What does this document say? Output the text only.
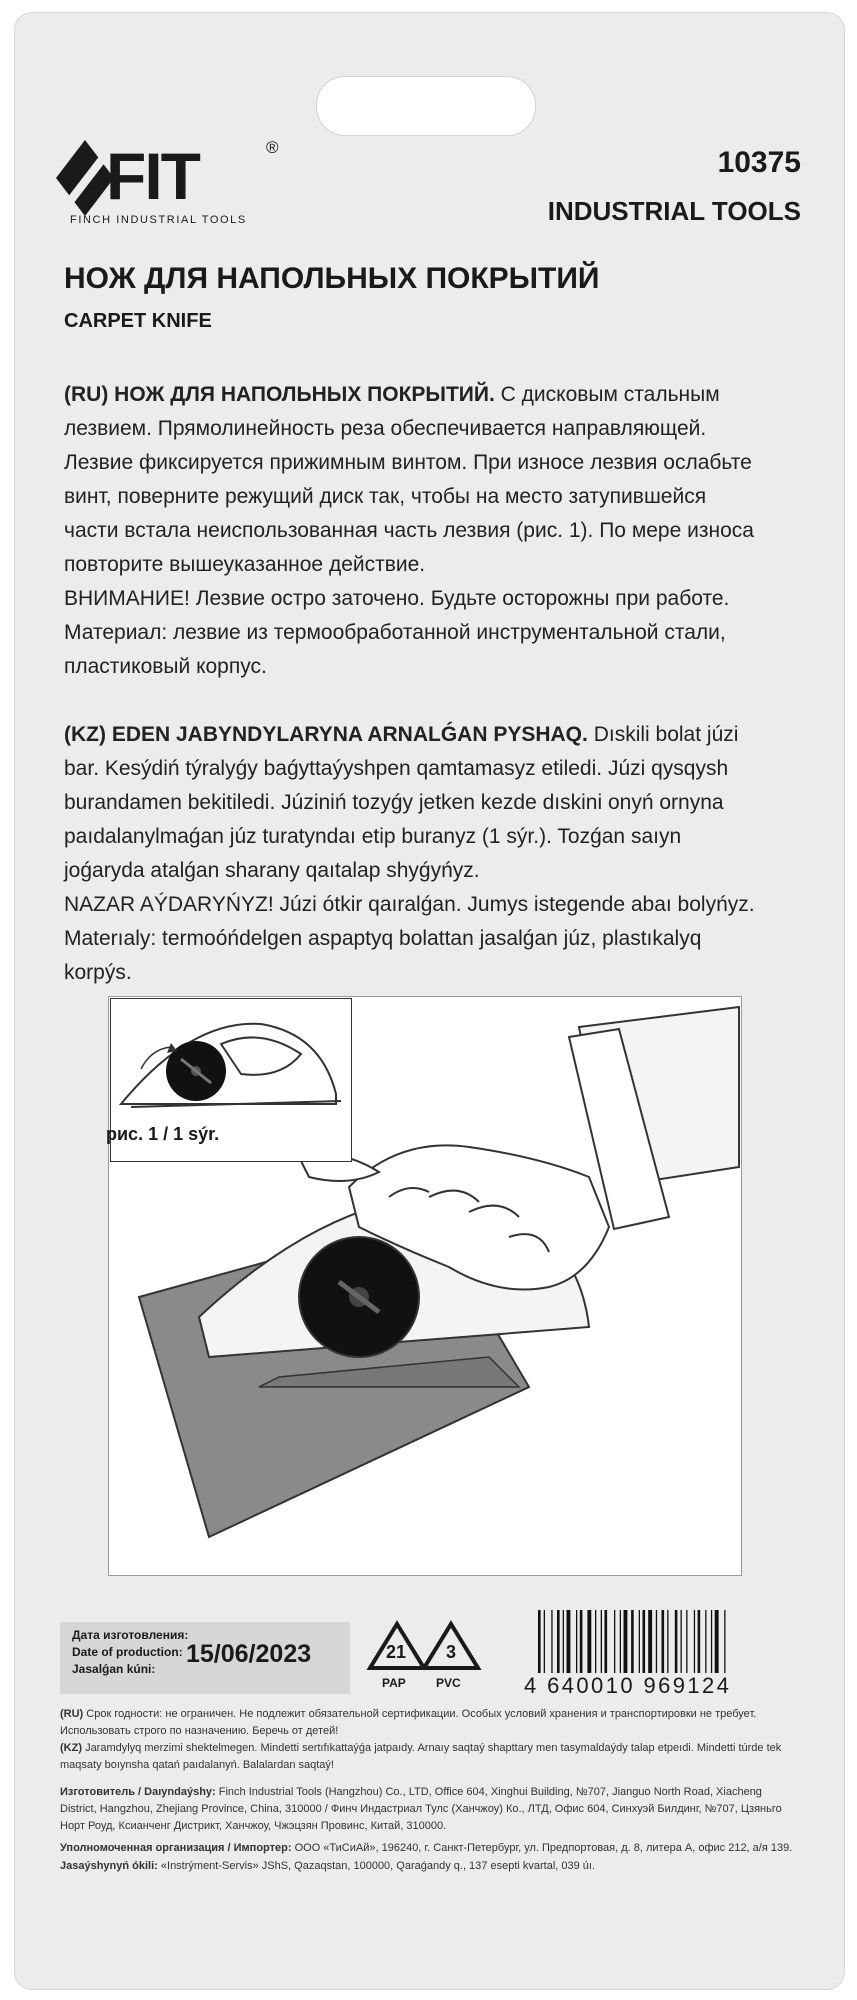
FIT	®
FINCH INDUSTRIAL TOOLS
10375
INDUSTRIAL TOOLS
НОЖ ДЛЯ НАПОЛЬНЫХ ПОКРЫТИЙ
CARPET KNIFE
(RU) НОЖ ДЛЯ НАПОЛЬНЫХ ПОКРЫТИЙ. С дисковым стальным лезвием. Прямолинейность реза обеспечивается направляющей. Лезвие фиксируется прижимным винтом. При износе лезвия ослабьте винт, поверните режущий диск так, чтобы на место затупившейся части встала неиспользованная часть лезвия (рис. 1). По мере износа повторите вышеуказанное действие.
ВНИМАНИЕ! Лезвие остро заточено. Будьте осторожны при работе.
Материал: лезвие из термообработанной инструментальной стали, пластиковый корпус.
(KZ) EDEN JABYNDYLARYNA ARNALǴAN PYSHAQ. Dıskili bolat júzi bar. Kesýdiń týralyǵy baǵyttaýyshpen qamtamasyz etiledi. Júzi qysqysh burandamen bekitiledi. Júziniń tozyǵy jetken kezde dıskini onyń ornyna paıdalanylmaǵan júz turatyndaı etip buranyz (1 sýr.). Tozǵan saıyn joǵaryda atalǵan sharany qaıtalap shyǵyńyz.
NAZAR AÝDARYŃYZ! Júzi ótkir qaıralǵan. Jumys istegende abaı bolyńyz.
Materıaly: termoóńdelgen aspaptyq bolattan jasalǵan júz, plastıkalyq korpýs.
рис. 1 / 1 sýr.
Дата изготовления:
Date of production:
Jasalǵan kúni:
15/06/2023	21
PAP
3
PVC	4 640010 969124
(RU) Срок годности: не ограничен. Не подлежит обязательной сертификации. Особых условий хранения и транспортировки не требует. Использовать строго по назначению. Беречь от детей!
(KZ) Jaramdylyq merzimi shektelmegen. Mindetti sertıfıkattaýǵa jatpaıdy. Arnaıy saqtaý shарttary men tasymaldaýdy talap etpeıdi. Mindetti túrde tek maqsaty boıynsha qatań paıdalanyń. Balalardan saqtaý!
Изготовитель / Daıyndaýshy: Finch Industrial Tools (Hangzhou) Co., LTD, Office 604, Xinghui Building, №707, Jianguo North Road, Xiacheng District, Hangzhou, Zhejiang Province, China, 310000 / Финч Индастриал Тулс (Ханчжоу) Ко., ЛТД, Офис 604, Синхуэй Билдинг, №707, Цзяньго Норт Роуд, Ксианченг Дистрикт, Ханчжоу, Чжэцзян Провинс, Китай, 310000.
Уполномоченная организация / Импортер: ООО «ТиСиАй», 196240, г. Санкт-Петербург, ул. Предпортовая, д. 8, литера А, офис 212, а/я 139.
Jasaýshynyń ókili: «Instrýment-Servis» JShS, Qazaqstan, 100000, Qaraǵandy q., 137 esepti kvartal, 039 úı.
